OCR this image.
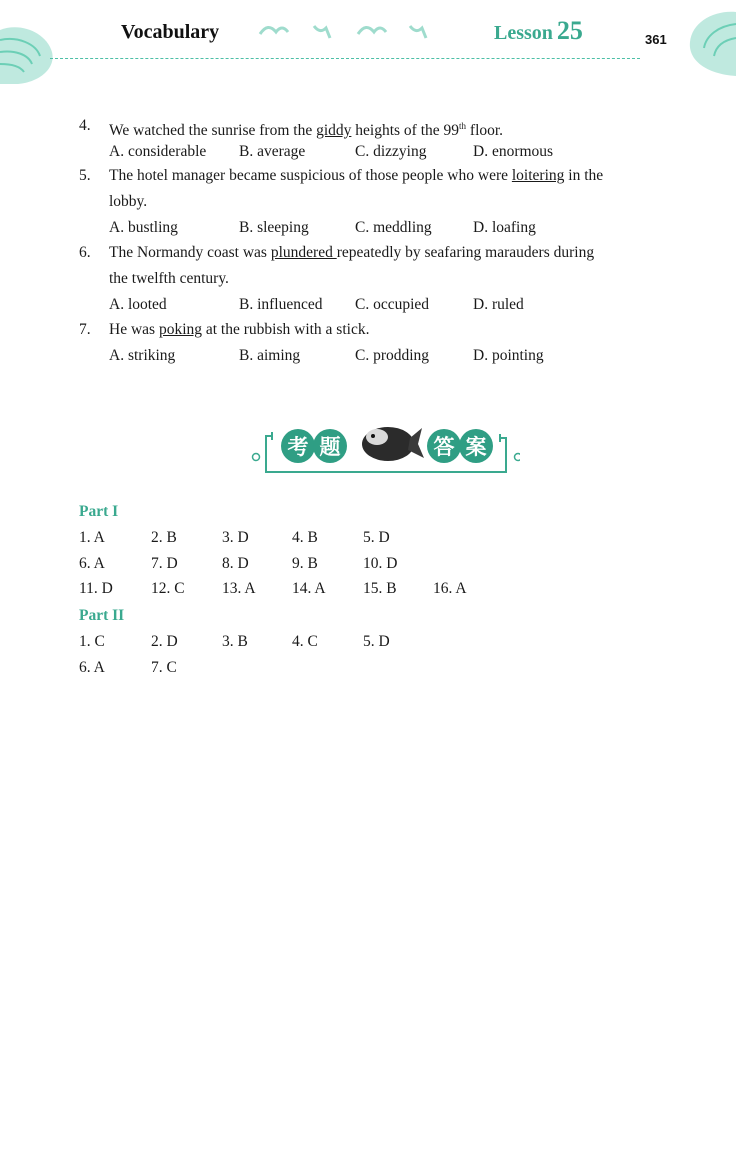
Vocabulary	Lesson 25	361
4. We watched the sunrise from the giddy heights of the 99th floor.
A. considerable B. average	C. dizzying	D. enormous
5. The hotel manager became suspicious of those people who were loitering in the
lobby.
A. bustling	B. sleeping	C. meddling	D. loafing
6. The Normandy coast was plundered repeatedly by seafaring marauders during
the twelfth century.
A. looted	B. influenced C. occupied	D. ruled
7. He was poking at the rubbish with a stick.
A. striking	B. aiming	C. prodding	D. pointing
考 题	答 案
Part I
1. A	2. B	3. D	4. B	5. D
6. A	7. D	8. D	9. B	10. D
11. D 12. C 13. A 14. A 15. B 16. A
Part II
1. C	2. D	3. B	4. C	5. D
6. A	7. C
